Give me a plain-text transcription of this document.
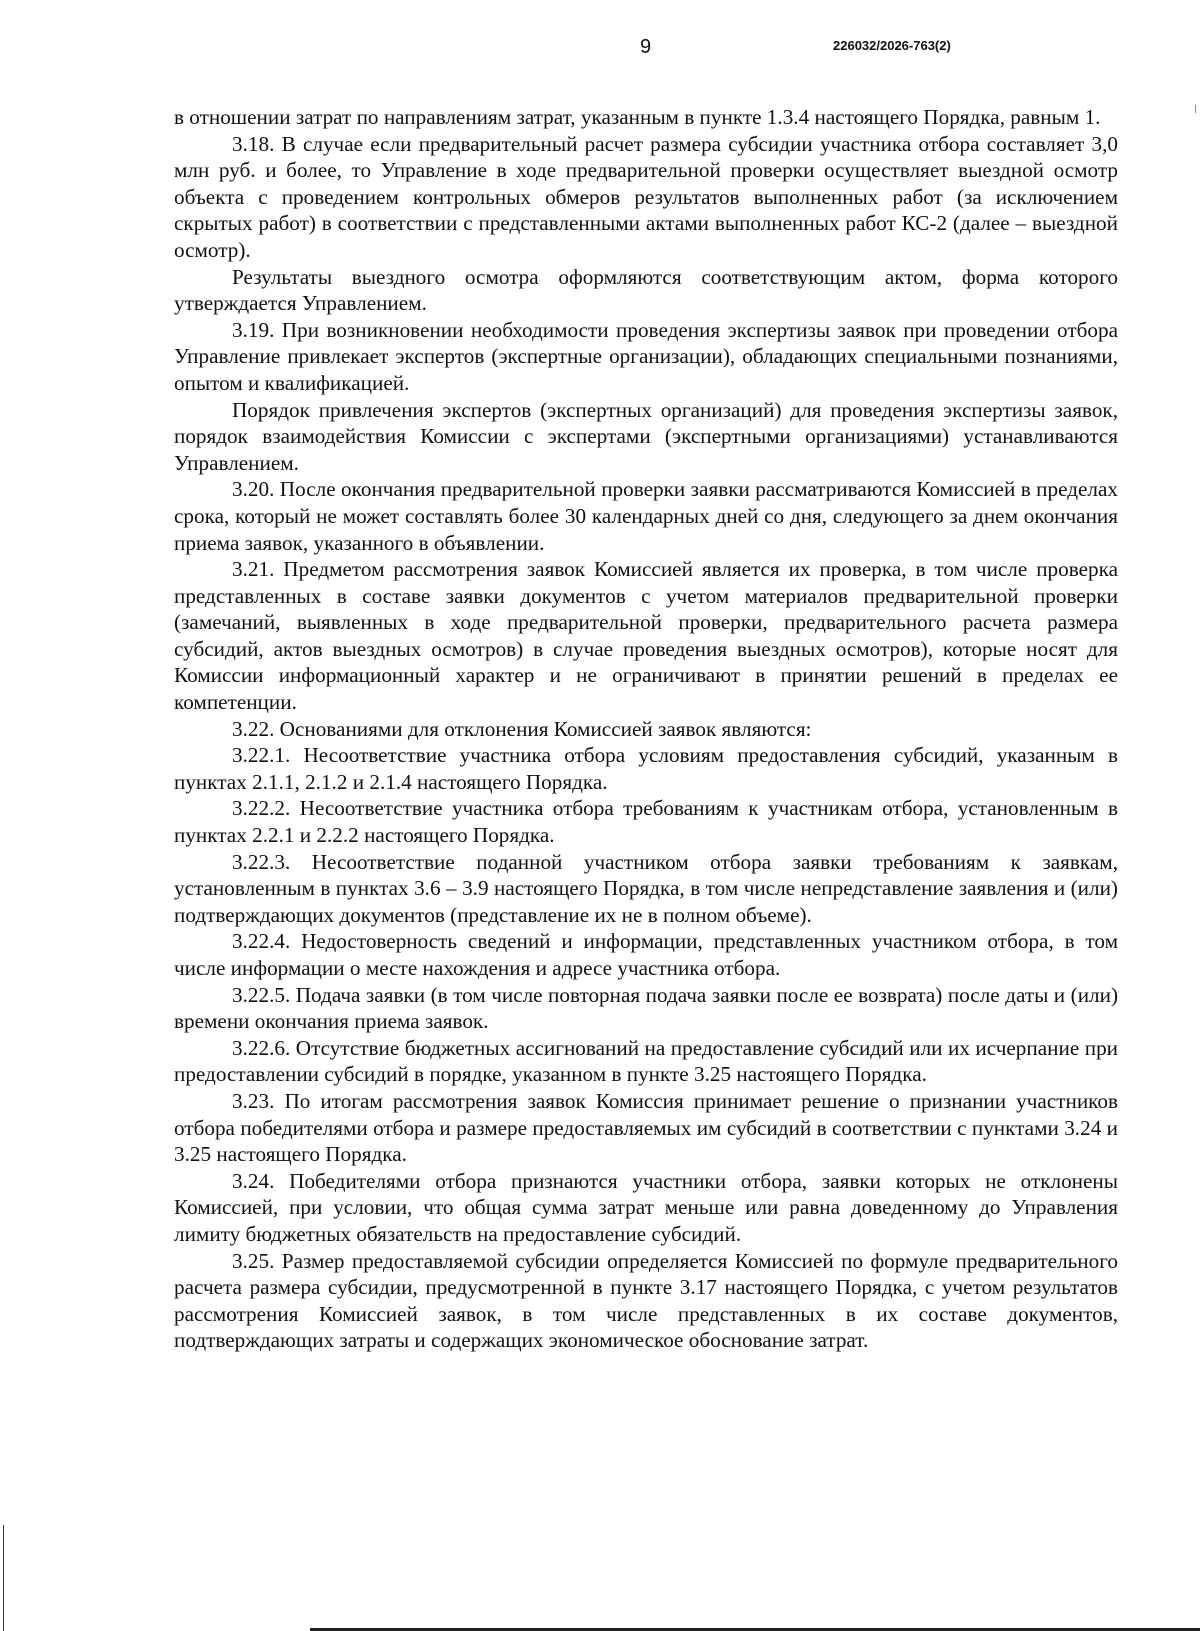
9	226032/2026-763(2)

в отношении затрат по направлениям затрат, указанным в пункте 1.3.4 настоящего Порядка, равным 1.

3.18. В случае если предварительный расчет размера субсидии участника отбора составляет 3,0 млн руб. и более, то Управление в ходе предварительной проверки осуществляет выездной осмотр объекта с проведением контрольных обмеров результатов выполненных работ (за исключением скрытых работ) в соответствии с представленными актами выполненных работ КС-2 (далее – выездной осмотр).

Результаты выездного осмотра оформляются соответствующим актом, форма которого утверждается Управлением.

3.19. При возникновении необходимости проведения экспертизы заявок при проведении отбора Управление привлекает экспертов (экспертные организации), обладающих специальными познаниями, опытом и квалификацией.

Порядок привлечения экспертов (экспертных организаций) для проведения экспертизы заявок, порядок взаимодействия Комиссии с экспертами (экспертными организациями) устанавливаются Управлением.

3.20. После окончания предварительной проверки заявки рассматриваются Комиссией в пределах срока, который не может составлять более 30 календарных дней со дня, следующего за днем окончания приема заявок, указанного в объявлении.

3.21. Предметом рассмотрения заявок Комиссией является их проверка, в том числе проверка представленных в составе заявки документов с учетом материалов предварительной проверки (замечаний, выявленных в ходе предварительной проверки, предварительного расчета размера субсидий, актов выездных осмотров) в случае проведения выездных осмотров), которые носят для Комиссии информационный характер и не ограничивают в принятии решений в пределах ее компетенции.

3.22. Основаниями для отклонения Комиссией заявок являются:

3.22.1. Несоответствие участника отбора условиям предоставления субсидий, указанным в пунктах 2.1.1, 2.1.2 и 2.1.4 настоящего Порядка.

3.22.2. Несоответствие участника отбора требованиям к участникам отбора, установленным в пунктах 2.2.1 и 2.2.2 настоящего Порядка.

3.22.3. Несоответствие поданной участником отбора заявки требованиям к заявкам, установленным в пунктах 3.6 – 3.9 настоящего Порядка, в том числе непредставление заявления и (или) подтверждающих документов (представление их не в полном объеме).

3.22.4. Недостоверность сведений и информации, представленных участником отбора, в том числе информации о месте нахождения и адресе участника отбора.

3.22.5. Подача заявки (в том числе повторная подача заявки после ее возврата) после даты и (или) времени окончания приема заявок.

3.22.6. Отсутствие бюджетных ассигнований на предоставление субсидий или их исчерпание при предоставлении субсидий в порядке, указанном в пункте 3.25 настоящего Порядка.

3.23. По итогам рассмотрения заявок Комиссия принимает решение о признании участников отбора победителями отбора и размере предоставляемых им субсидий в соответствии с пунктами 3.24 и 3.25 настоящего Порядка.

3.24. Победителями отбора признаются участники отбора, заявки которых не отклонены Комиссией, при условии, что общая сумма затрат меньше или равна доведенному до Управления лимиту бюджетных обязательств на предоставление субсидий.

3.25. Размер предоставляемой субсидии определяется Комиссией по формуле предварительного расчета размера субсидии, предусмотренной в пункте 3.17 настоящего Порядка, с учетом результатов рассмотрения Комиссией заявок, в том числе представленных в их составе документов, подтверждающих затраты и содержащих экономическое обоснование затрат.
